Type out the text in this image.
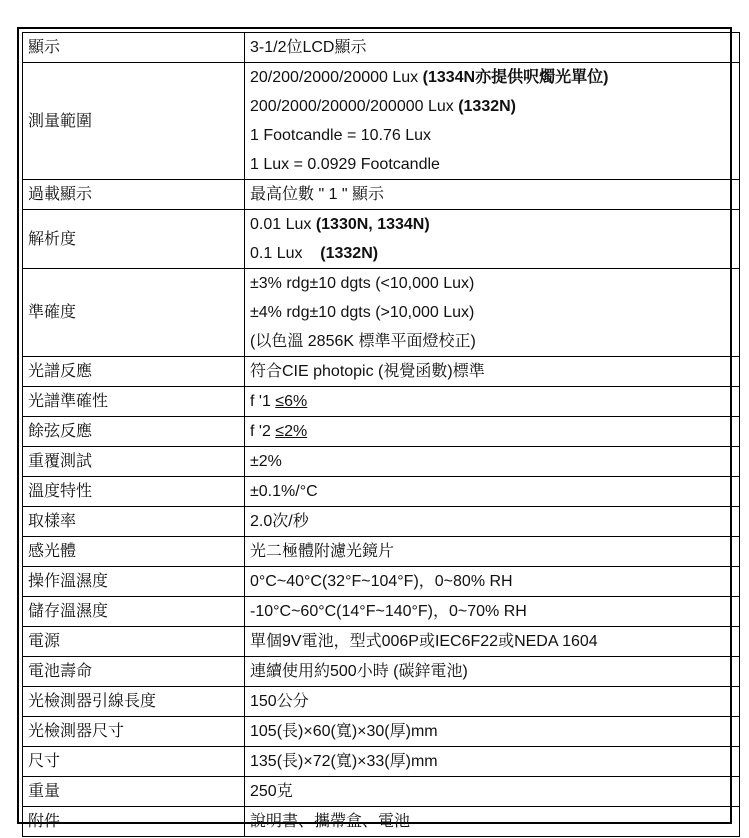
顯示	3-1/2位LCD顯示

測量範圍	20/200/2000/20000 Lux (1334N亦提供呎燭光單位)
200/2000/20000/200000 Lux (1332N)
1 Footcandle = 10.76 Lux
1 Lux = 0.0929 Footcandle

過載顯示	最高位數 " 1 " 顯示

解析度	0.01 Lux (1330N, 1334N)
0.1 Lux    (1332N)

準確度	±3% rdg±10 dgts (<10,000 Lux)
±4% rdg±10 dgts (>10,000 Lux)
(以色溫 2856K 標準平面燈校正)

光譜反應	符合CIE photopic (視覺函數)標準

光譜準確性	f '1 ≤6%

餘弦反應	f '2 ≤2%

重覆測試	±2%

溫度特性	±0.1%/°C

取樣率	2.0次/秒

感光體	光二極體附濾光鏡片

操作溫濕度	0°C~40°C(32°F~104°F)，0~80% RH

儲存溫濕度	-10°C~60°C(14°F~140°F)，0~70% RH

電源	單個9V電池，型式006P或IEC6F22或NEDA 1604

電池壽命	連續使用約500小時 (碳鋅電池)

光檢測器引線長度	150公分

光檢測器尺寸	105(長)×60(寬)×30(厚)mm

尺寸	135(長)×72(寬)×33(厚)mm

重量	250克

附件	說明書、攜帶盒、電池
